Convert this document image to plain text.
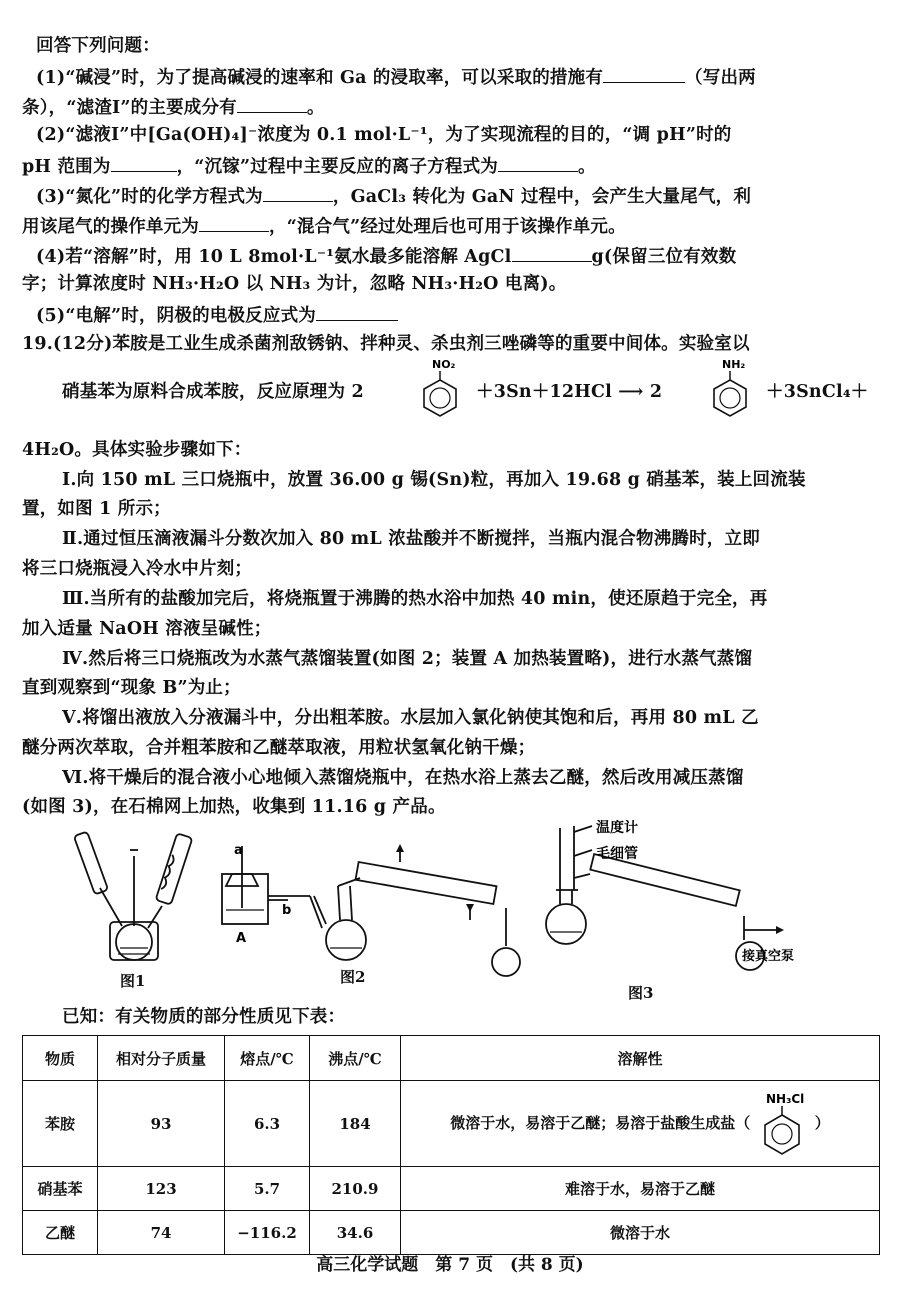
回答下列问题：
(1)“碱浸”时，为了提高碱浸的速率和 Ga 的浸取率，可以采取的措施有	（写出两
条），“滤渣Ⅰ”的主要成分有	。
(2)“滤液Ⅰ”中[Ga(OH)₄]⁻浓度为 0.1 mol·L⁻¹，为了实现流程的目的，“调 pH”时的
pH 范围为	，“沉镓”过程中主要反应的离子方程式为	。
(3)“氮化”时的化学方程式为	，GaCl₃ 转化为 GaN 过程中，会产生大量尾气，利
用该尾气的操作单元为	，“混合气”经过处理后也可用于该操作单元。
(4)若“溶解”时，用 10 L 8mol·L⁻¹氨水最多能溶解 AgCl	g(保留三位有效数
字；计算浓度时 NH₃·H₂O 以 NH₃ 为计，忽略 NH₃·H₂O 电离)。
(5)“电解”时，阴极的电极反应式为
19.(12分)苯胺是工业生成杀菌剂敌锈钠、拌种灵、杀虫剂三唑磷等的重要中间体。实验室以
硝基苯为原料合成苯胺，反应原理为 2
NO₂
＋3Sn＋12HCl ⟶ 2
NH₂
＋3SnCl₄＋
4H₂O。具体实验步骤如下：
Ⅰ.向 150 mL 三口烧瓶中，放置 36.00 g 锡(Sn)粒，再加入 19.68 g 硝基苯，装上回流装
置，如图 1 所示；
Ⅱ.通过恒压滴液漏斗分数次加入 80 mL 浓盐酸并不断搅拌，当瓶内混合物沸腾时，立即
将三口烧瓶浸入冷水中片刻；
Ⅲ.当所有的盐酸加完后，将烧瓶置于沸腾的热水浴中加热 40 min，使还原趋于完全，再
加入适量 NaOH 溶液呈碱性；
Ⅳ.然后将三口烧瓶改为水蒸气蒸馏装置(如图 2；装置 A 加热装置略)，进行水蒸气蒸馏
直到观察到“现象 B”为止；
Ⅴ.将馏出液放入分液漏斗中，分出粗苯胺。水层加入氯化钠使其饱和后，再用 80 mL 乙
醚分两次萃取，合并粗苯胺和乙醚萃取液，用粒状氢氧化钠干燥；
Ⅵ.将干燥后的混合液小心地倾入蒸馏烧瓶中，在热水浴上蒸去乙醚，然后改用减压蒸馏
(如图 3)，在石棉网上加热，收集到 11.16 g 产品。
图1
a
b
A
图2
温度计
毛细管
接真空泵
图3
已知：有关物质的部分性质见下表：
物质	相对分子质量	熔点/℃	沸点/℃	溶解性
苯胺	93	6.3	184	微溶于水，易溶于乙醚；易溶于盐酸生成盐（
NH₃Cl
）
硝基苯	123	5.7	210.9	难溶于水，易溶于乙醚
乙醚	74	−116.2	34.6	微溶于水
高三化学试题　第 7 页　(共 8 页)
